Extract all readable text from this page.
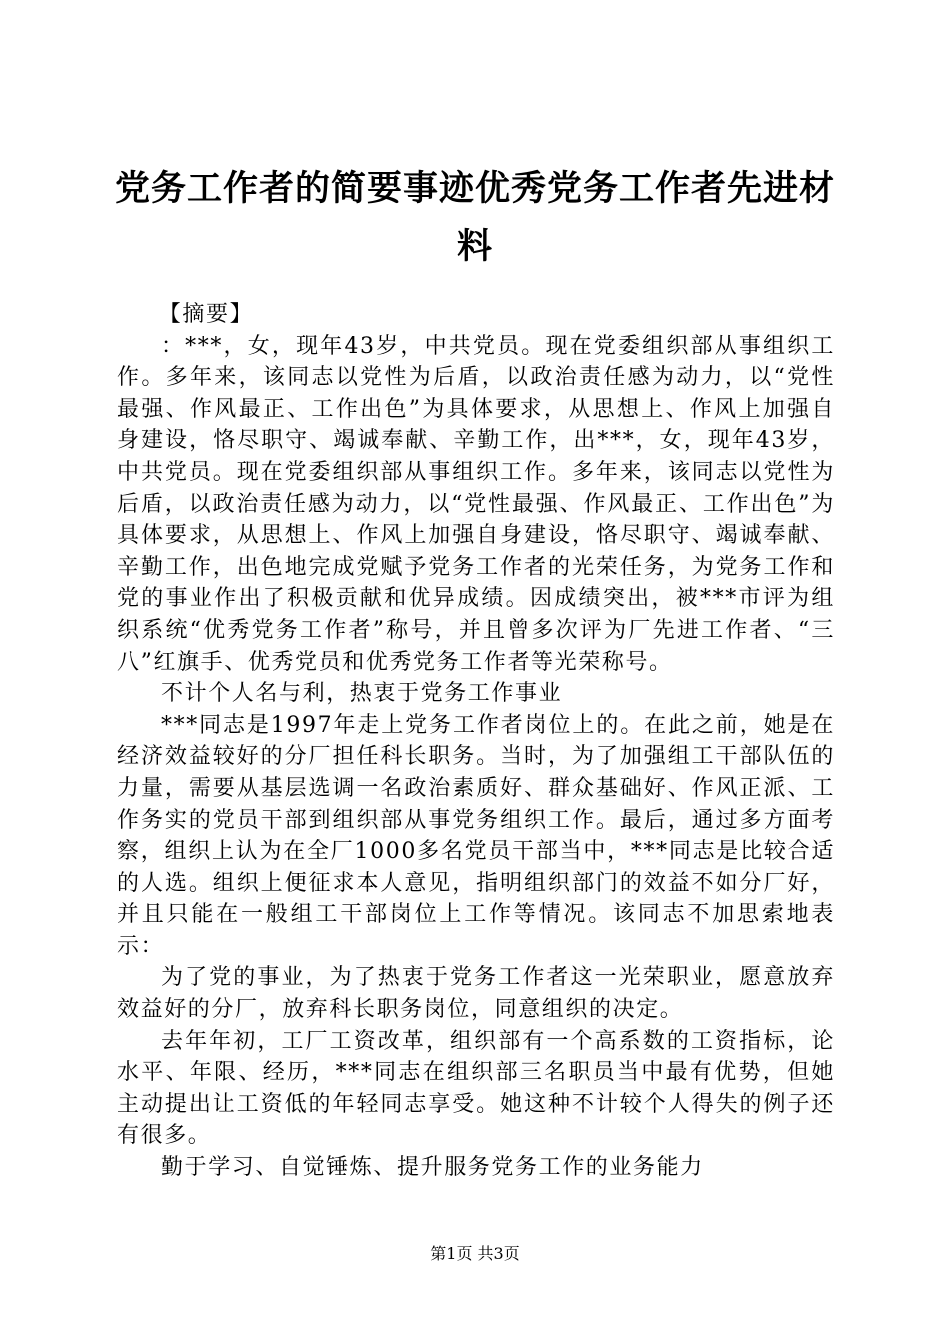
党务工作者的简要事迹优秀党务工作者先进材料

【摘要】

：***，女，现年43岁，中共党员。现在党委组织部从事组织工作。多年来，该同志以党性为后盾，以政治责任感为动力，以“党性最强、作风最正、工作出色”为具体要求，从思想上、作风上加强自身建设，恪尽职守、竭诚奉献、辛勤工作，出***，女，现年43岁，中共党员。现在党委组织部从事组织工作。多年来，该同志以党性为后盾，以政治责任感为动力，以“党性最强、作风最正、工作出色”为具体要求，从思想上、作风上加强自身建设，恪尽职守、竭诚奉献、辛勤工作，出色地完成党赋予党务工作者的光荣任务，为党务工作和党的事业作出了积极贡献和优异成绩。因成绩突出，被***市评为组织系统“优秀党务工作者”称号，并且曾多次评为厂先进工作者、“三八”红旗手、优秀党员和优秀党务工作者等光荣称号。

不计个人名与利，热衷于党务工作事业

***同志是1997年走上党务工作者岗位上的。在此之前，她是在经济效益较好的分厂担任科长职务。当时，为了加强组工干部队伍的力量，需要从基层选调一名政治素质好、群众基础好、作风正派、工作务实的党员干部到组织部从事党务组织工作。最后，通过多方面考察，组织上认为在全厂1000多名党员干部当中，***同志是比较合适的人选。组织上便征求本人意见，指明组织部门的效益不如分厂好，并且只能在一般组工干部岗位上工作等情况。该同志不加思索地表示：

为了党的事业，为了热衷于党务工作者这一光荣职业，愿意放弃效益好的分厂，放弃科长职务岗位，同意组织的决定。

去年年初，工厂工资改革，组织部有一个高系数的工资指标，论水平、年限、经历，***同志在组织部三名职员当中最有优势，但她主动提出让工资低的年轻同志享受。她这种不计较个人得失的例子还有很多。

勤于学习、自觉锤炼、提升服务党务工作的业务能力

第1页 共3页
